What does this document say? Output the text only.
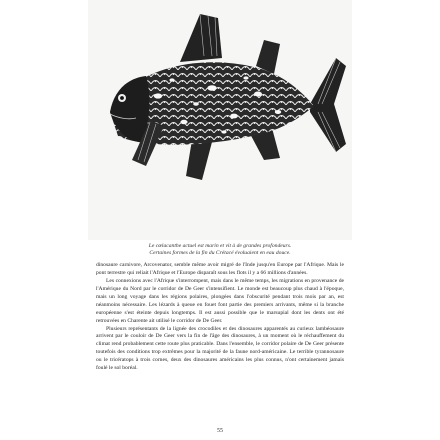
Le cœlacanthe actuel est marin et vit à de grandes profondeurs.

Certaines formes de la fin du Crétacé évoluaient en eau douce.

dinosaure carnivore, Arcovenator, semble même avoir migré de l'Inde jusqu'en Europe par l'Afrique. Mais le pont terrestre qui reliait l'Afrique et l'Europe disparaît sous les flots il y a 66 millions d'années.

Les connexions avec l'Afrique s'interrompent, mais dans le même temps, les migrations en provenance de l'Amérique du Nord par le corridor de De Geer s'intensifient. Le monde est beaucoup plus chaud à l'époque, mais un long voyage dans les régions polaires, plongées dans l'obscurité pendant trois mois par an, est néanmoins nécessaire. Les lézards à queue en fouet font partie des premiers arrivants, même si la branche européenne s'est éteinte depuis longtemps. Il est aussi possible que le marsupial dont les dents ont été retrouvées en Charente ait utilisé le corridor de De Geer.

Plusieurs représentants de la lignée des crocodiles et des dinosaures apparentés au curieux lambéosaure arrivent par le couloir de De Geer vers la fin de l'âge des dinosaures, à un moment où le réchauffement du climat rend probablement cette route plus praticable. Dans l'ensemble, le corridor polaire de De Geer présente toutefois des conditions trop extrêmes pour la majorité de la faune nord-américaine. Le terrible tyrannosaure ou le tricératops à trois cornes, deux des dinosaures américains les plus connus, n'ont certainement jamais foulé le sol boréal.

55
